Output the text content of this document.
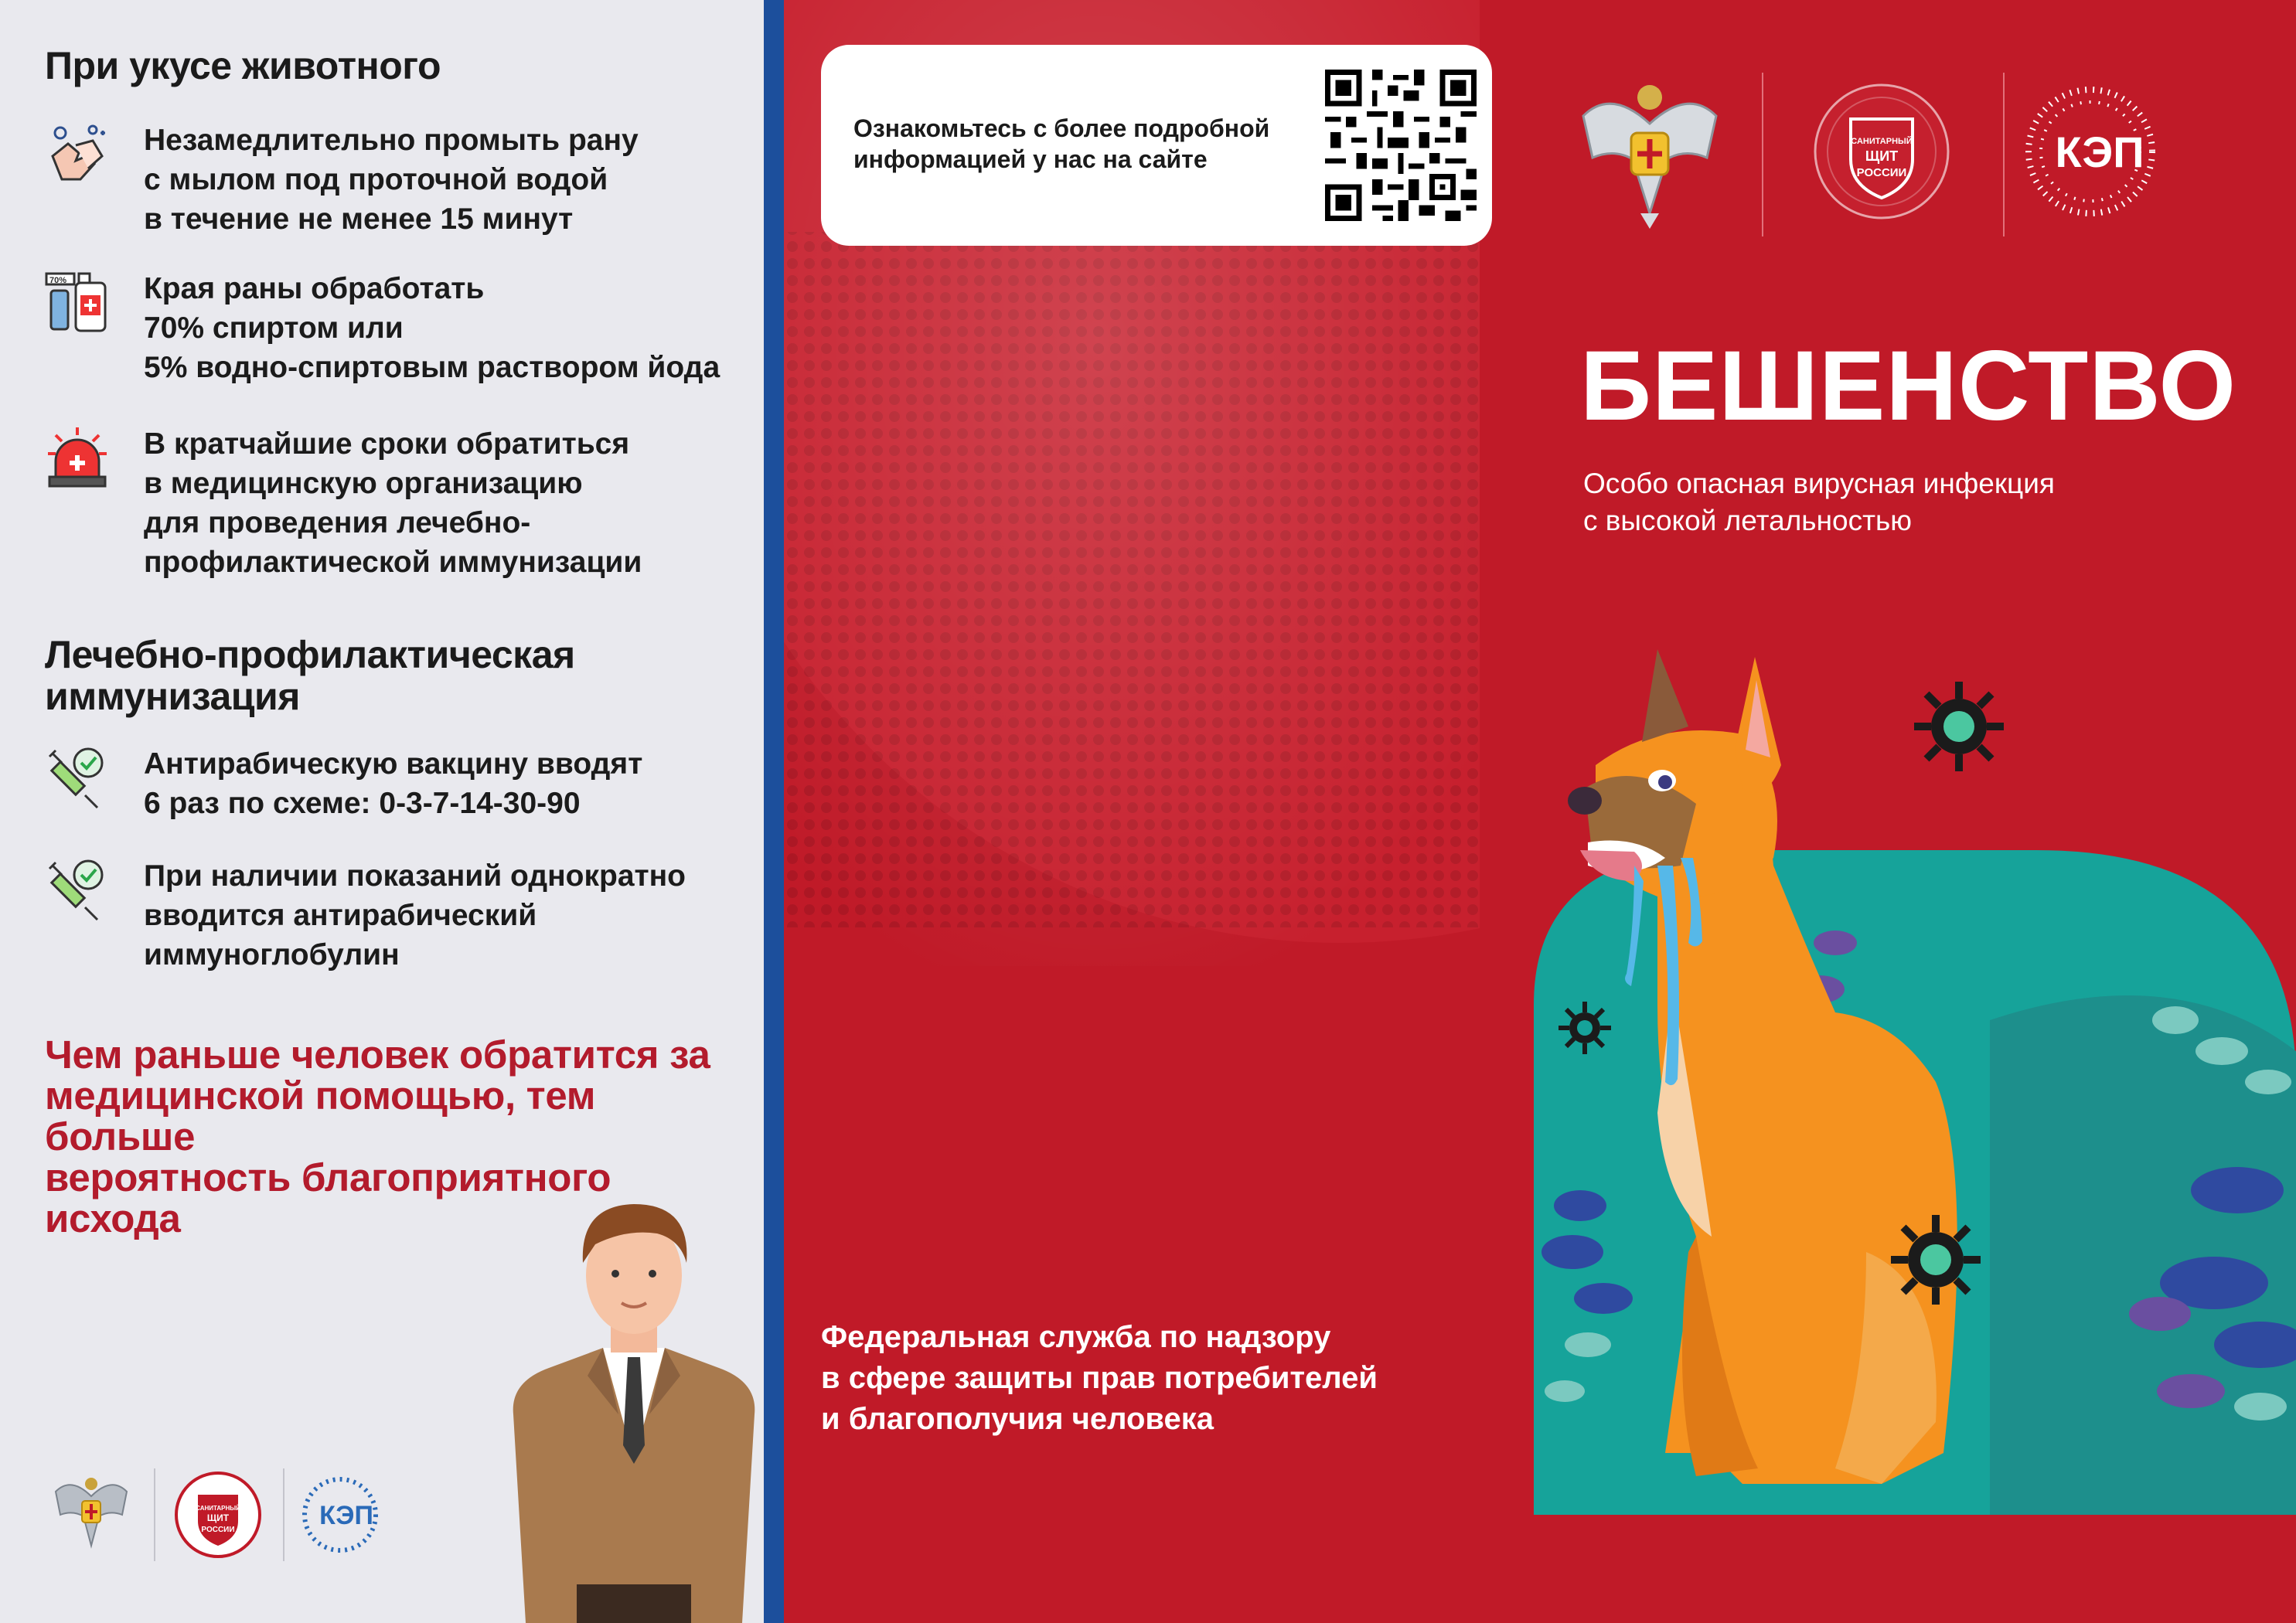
При укусе животного
Незамедлительно промыть рану
с мылом под проточной водой
в течение не менее 15 минут
70%	Края раны обработать
70% спиртом или
5% водно-спиртовым раствором йода
В кратчайшие сроки обратиться
в медицинскую организацию
для проведения лечебно-
профилактической иммунизации
Лечебно-профилактическая
иммунизация
Антирабическую вакцину вводят
6 раз по схеме: 0-3-7-14-30-90
При наличии показаний однократно
вводится антирабический
иммуноглобулин
Чем раньше человек обратится за
медицинской помощью, тем больше
вероятность благоприятного исхода
САНИТАРНЫЙ
ЩИТ
РОССИИ	КЭП
Ознакомьтесь с более подробной
информацией у нас на сайте
САНИТАРНЫЙ
ЩИТ
РОССИИ	КЭП
БЕШЕНСТВО
Особо опасная вирусная инфекция
с высокой летальностью
Федеральная служба по надзору
в сфере защиты прав потребителей
и благополучия человека
